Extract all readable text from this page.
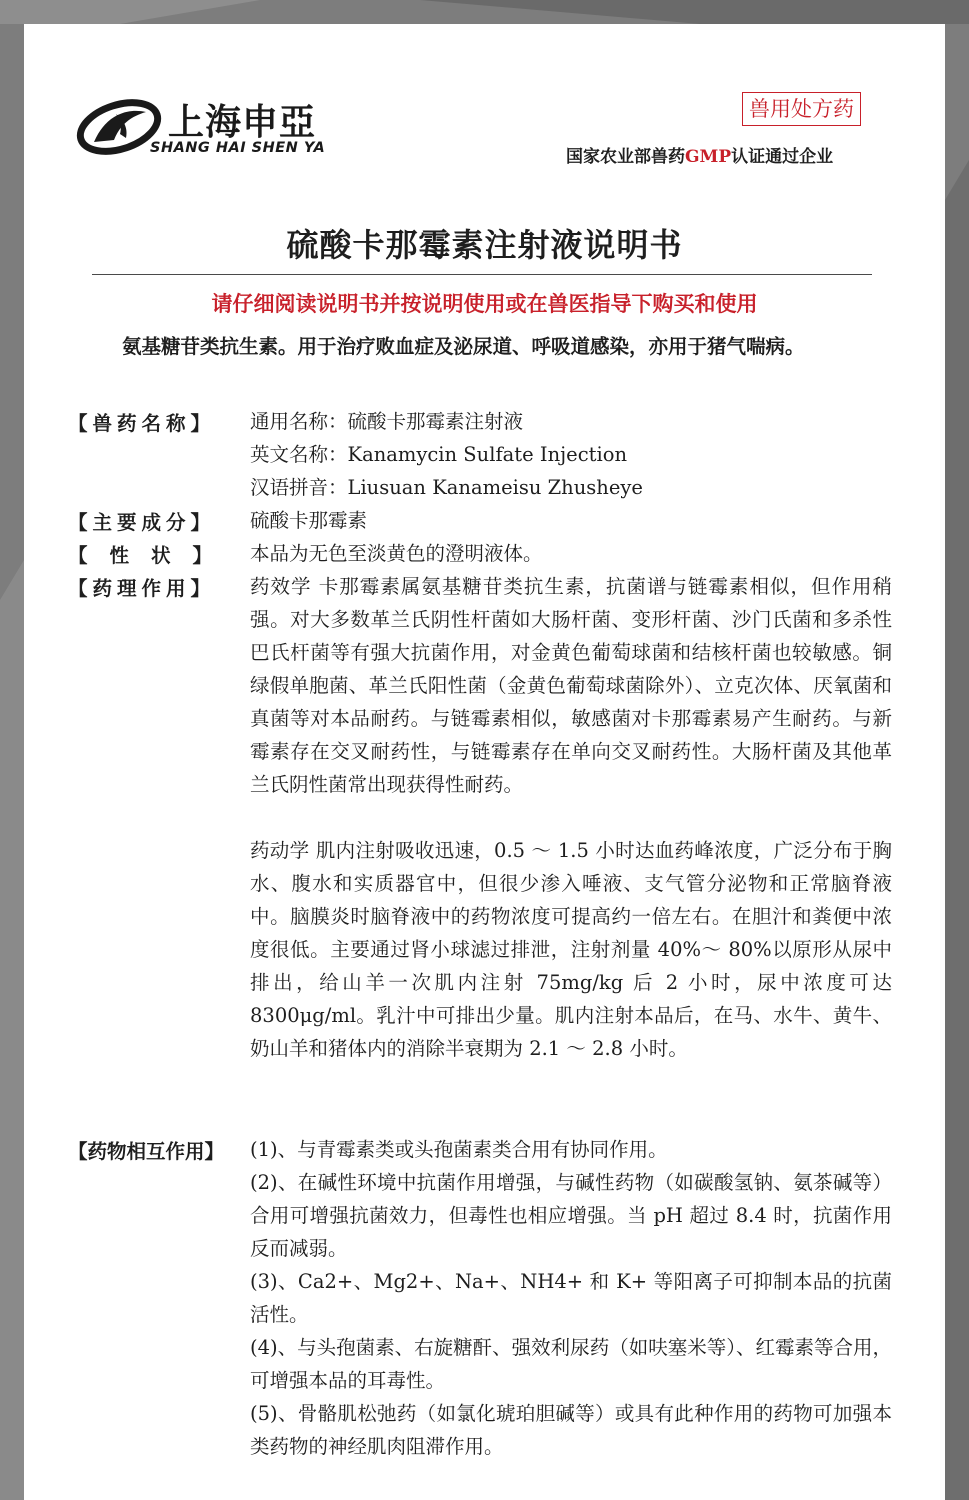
上海申亞
SHANG HAI SHEN YA
兽用处方药
国家农业部兽药GMP认证通过企业
硫酸卡那霉素注射液说明书
请仔细阅读说明书并按说明使用或在兽医指导下购买和使用
氨基糖苷类抗生素。用于治疗败血症及泌尿道、呼吸道感染，亦用于猪气喘病。
【兽药名称】 通用名称：硫酸卡那霉素注射液
英文名称：Kanamycin Sulfate Injection
汉语拼音：Liusuan Kanameisu Zhusheye
【主要成分】 硫酸卡那霉素
【性状】 本品为无色至淡黄色的澄明液体。
【药理作用】 药效学 卡那霉素属氨基糖苷类抗生素，抗菌谱与链霉素相似，但作用稍强。对大多数革兰氏阴性杆菌如大肠杆菌、变形杆菌、沙门氏菌和多杀性巴氏杆菌等有强大抗菌作用，对金黄色葡萄球菌和结核杆菌也较敏感。铜绿假单胞菌、革兰氏阳性菌（金黄色葡萄球菌除外）、立克次体、厌氧菌和真菌等对本品耐药。与链霉素相似，敏感菌对卡那霉素易产生耐药。与新霉素存在交叉耐药性，与链霉素存在单向交叉耐药性。大肠杆菌及其他革兰氏阴性菌常出现获得性耐药。
药动学 肌内注射吸收迅速，0.5 ～ 1.5 小时达血药峰浓度，广泛分布于胸水、腹水和实质器官中，但很少渗入唾液、支气管分泌物和正常脑脊液中。脑膜炎时脑脊液中的药物浓度可提高约一倍左右。在胆汁和粪便中浓度很低。主要通过肾小球滤过排泄，注射剂量 40%～ 80%以原形从尿中排出，给山羊一次肌内注射 75mg/kg 后 2 小时，尿中浓度可达 8300μg/ml。乳汁中可排出少量。肌内注射本品后，在马、水牛、黄牛、奶山羊和猪体内的消除半衰期为 2.1 ～ 2.8 小时。
【药物相互作用】 (1)、与青霉素类或头孢菌素类合用有协同作用。
(2)、在碱性环境中抗菌作用增强，与碱性药物（如碳酸氢钠、氨茶碱等）合用可增强抗菌效力，但毒性也相应增强。当 pH 超过 8.4 时，抗菌作用反而减弱。
(3)、Ca2+、Mg2+、Na+、NH4+ 和 K+ 等阳离子可抑制本品的抗菌活性。
(4)、与头孢菌素、右旋糖酐、强效利尿药（如呋塞米等）、红霉素等合用，可增强本品的耳毒性。
(5)、骨骼肌松弛药（如氯化琥珀胆碱等）或具有此种作用的药物可加强本类药物的神经肌肉阻滞作用。
